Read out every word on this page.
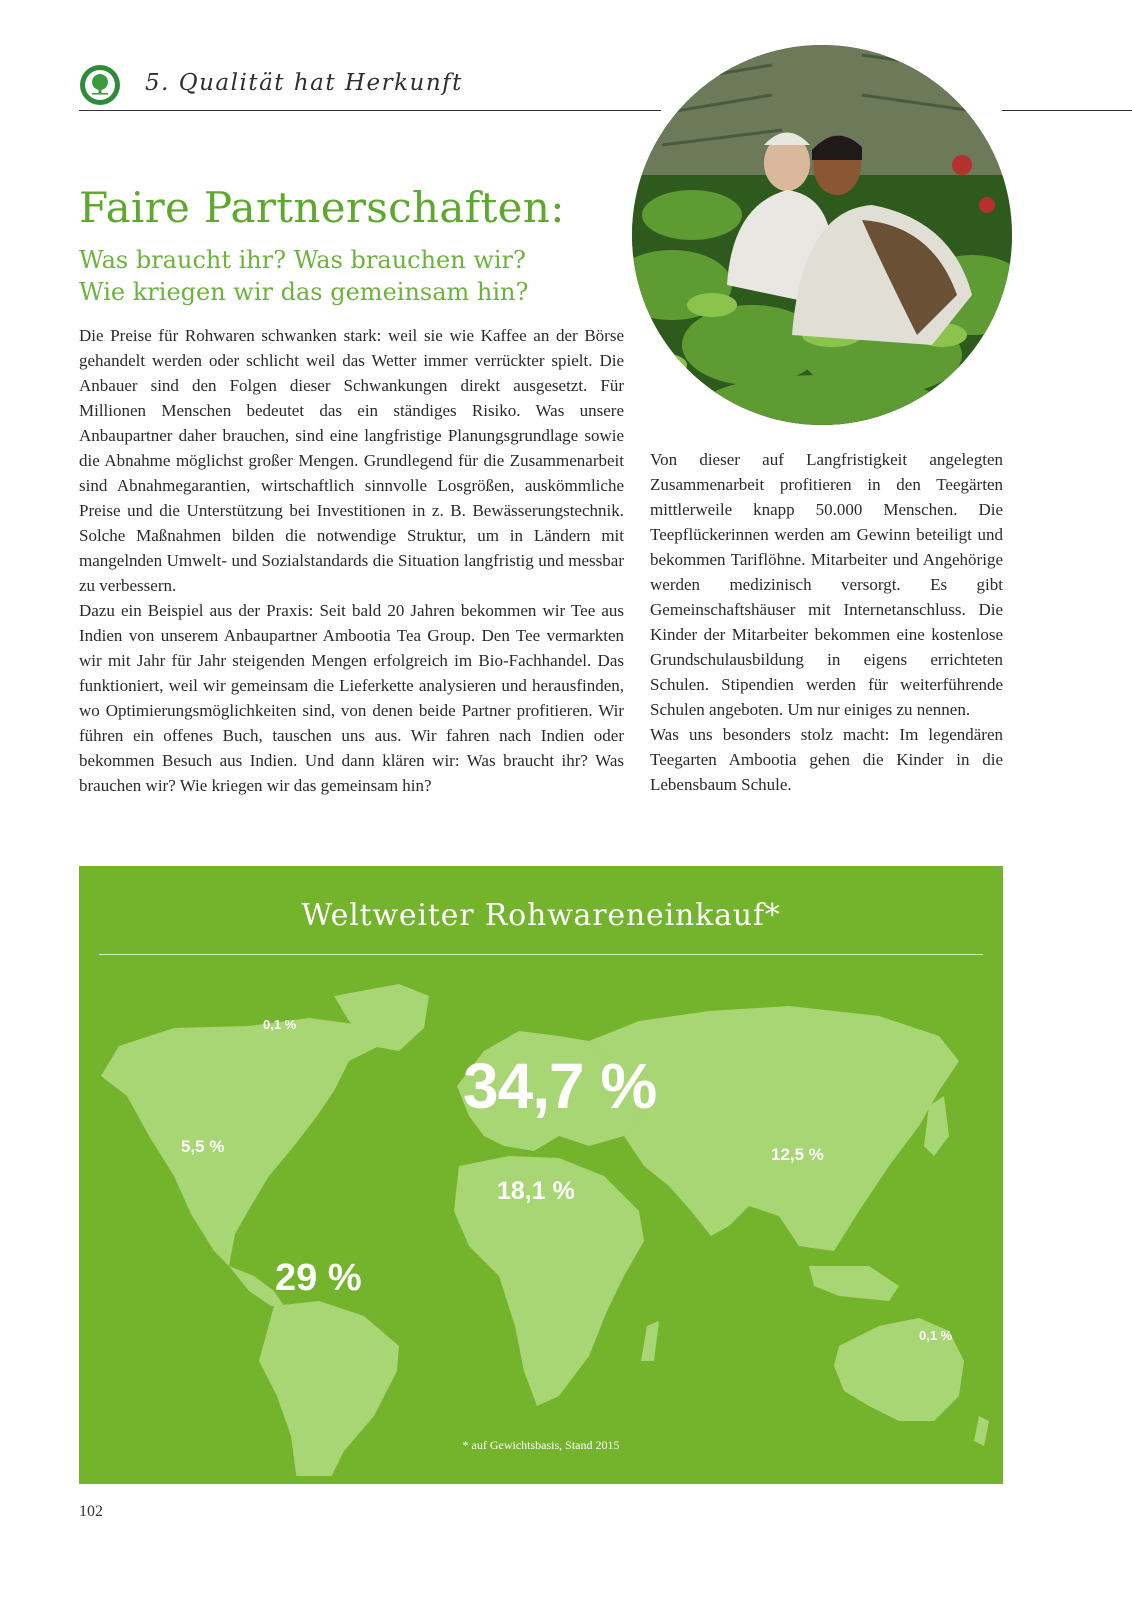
5. Qualität hat Herkunft
Faire Partnerschaften:
Was braucht ihr? Was brauchen wir?
Wie kriegen wir das gemeinsam hin?

Die Preise für Rohwaren schwanken stark: weil sie wie Kaffee an der Börse gehandelt werden oder schlicht weil das Wetter immer verrückter spielt. Die Anbauer sind den Folgen dieser Schwankungen direkt ausgesetzt. Für Millionen Menschen bedeutet das ein ständiges Risiko. Was unsere Anbaupartner daher brauchen, sind eine langfristige Planungsgrundlage sowie die Abnahme möglichst großer Mengen. Grundlegend für die Zusammenarbeit sind Abnahmegarantien, wirtschaftlich sinnvolle Losgrößen, auskömmliche Preise und die Unterstützung bei Investitionen in z. B. Bewässerungstechnik. Solche Maßnahmen bilden die notwendige Struktur, um in Ländern mit mangelnden Umwelt- und Sozialstandards die Situation langfristig und messbar zu verbessern.

Dazu ein Beispiel aus der Praxis: Seit bald 20 Jahren bekommen wir Tee aus Indien von unserem Anbaupartner Ambootia Tea Group. Den Tee vermarkten wir mit Jahr für Jahr steigenden Mengen erfolgreich im Bio-Fachhandel. Das funktioniert, weil wir gemeinsam die Lieferkette analysieren und herausfinden, wo Optimierungsmöglichkeiten sind, von denen beide Partner profitieren. Wir führen ein offenes Buch, tauschen uns aus. Wir fahren nach Indien oder bekommen Besuch aus Indien. Und dann klären wir: Was braucht ihr? Was brauchen wir? Wie kriegen wir das gemeinsam hin?

Von dieser auf Langfristigkeit angelegten Zusammenarbeit profitieren in den Teegärten mittlerweile knapp 50.000 Menschen. Die Teepflückerinnen werden am Gewinn beteiligt und bekommen Tariflöhne. Mitarbeiter und Angehörige werden medizinisch versorgt. Es gibt Gemeinschaftshäuser mit Internetanschluss. Die Kinder der Mitarbeiter bekommen eine kostenlose Grundschulausbildung in eigens errichteten Schulen. Stipendien werden für weiterführende Schulen angeboten. Um nur einiges zu nennen.

Was uns besonders stolz macht: Im legendären Teegarten Ambootia gehen die Kinder in die Lebensbaum Schule.

Weltweiter Rohwareneinkauf*
0,1 %
34,7 %
5,5 %	12,5 %
18,1 %
29 %
0,1 %
* auf Gewichtsbasis, Stand 2015
102
